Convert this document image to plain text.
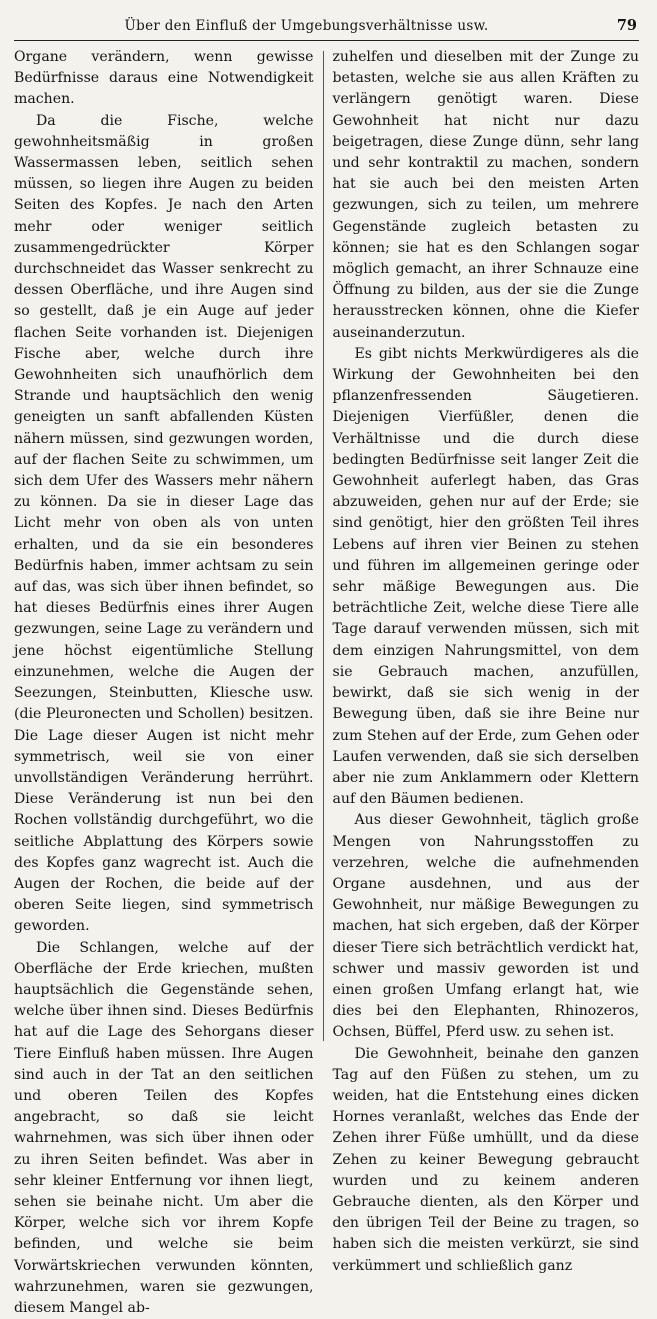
Über den Einfluß der Umgebungsverhältnisse usw.	79

Organe verändern, wenn gewisse Bedürfnisse daraus eine Notwendigkeit machen.

Da die Fische, welche gewohnheitsmäßig in großen Wassermassen leben, seitlich sehen müssen, so liegen ihre Augen zu beiden Seiten des Kopfes. Je nach den Arten mehr oder weniger seitlich zusammengedrückter Körper durchschneidet das Wasser senkrecht zu dessen Oberfläche, und ihre Augen sind so gestellt, daß je ein Auge auf jeder flachen Seite vorhanden ist. Diejenigen Fische aber, welche durch ihre Gewohnheiten sich unaufhörlich dem Strande und hauptsächlich den wenig geneigten un sanft abfallenden Küsten nähern müssen, sind gezwungen worden, auf der flachen Seite zu schwimmen, um sich dem Ufer des Wassers mehr nähern zu können. Da sie in dieser Lage das Licht mehr von oben als von unten erhalten, und da sie ein besonderes Bedürfnis haben, immer achtsam zu sein auf das, was sich über ihnen befindet, so hat dieses Bedürfnis eines ihrer Augen gezwungen, seine Lage zu verändern und jene höchst eigentümliche Stellung einzunehmen, welche die Augen der Seezungen, Steinbutten, Kliesche usw. (die Pleuronecten und Schollen) besitzen. Die Lage dieser Augen ist nicht mehr symmetrisch, weil sie von einer unvollständigen Veränderung herrührt. Diese Veränderung ist nun bei den Rochen vollständig durchgeführt, wo die seitliche Abplattung des Körpers sowie des Kopfes ganz wagrecht ist. Auch die Augen der Rochen, die beide auf der oberen Seite liegen, sind symmetrisch geworden.

Die Schlangen, welche auf der Oberfläche der Erde kriechen, mußten hauptsächlich die Gegenstände sehen, welche über ihnen sind. Dieses Bedürfnis hat auf die Lage des Sehorgans dieser Tiere Einfluß haben müssen. Ihre Augen sind auch in der Tat an den seitlichen und oberen Teilen des Kopfes angebracht, so daß sie leicht wahrnehmen, was sich über ihnen oder zu ihren Seiten befindet. Was aber in sehr kleiner Entfernung vor ihnen liegt, sehen sie beinahe nicht. Um aber die Körper, welche sich vor ihrem Kopfe befinden, und welche sie beim Vorwärtskriechen verwunden könnten, wahrzunehmen, waren sie gezwungen, diesem Mangel ab-

zuhelfen und dieselben mit der Zunge zu betasten, welche sie aus allen Kräften zu verlängern genötigt waren. Diese Gewohnheit hat nicht nur dazu beigetragen, diese Zunge dünn, sehr lang und sehr kontraktil zu machen, sondern hat sie auch bei den meisten Arten gezwungen, sich zu teilen, um mehrere Gegenstände zugleich betasten zu können; sie hat es den Schlangen sogar möglich gemacht, an ihrer Schnauze eine Öffnung zu bilden, aus der sie die Zunge herausstrecken können, ohne die Kiefer auseinanderzutun.

Es gibt nichts Merkwürdigeres als die Wirkung der Gewohnheiten bei den pflanzenfressenden Säugetieren. Diejenigen Vierfüßler, denen die Verhältnisse und die durch diese bedingten Bedürfnisse seit langer Zeit die Gewohnheit auferlegt haben, das Gras abzuweiden, gehen nur auf der Erde; sie sind genötigt, hier den größten Teil ihres Lebens auf ihren vier Beinen zu stehen und führen im allgemeinen geringe oder sehr mäßige Bewegungen aus. Die beträchtliche Zeit, welche diese Tiere alle Tage darauf verwenden müssen, sich mit dem einzigen Nahrungsmittel, von dem sie Gebrauch machen, anzufüllen, bewirkt, daß sie sich wenig in der Bewegung üben, daß sie ihre Beine nur zum Stehen auf der Erde, zum Gehen oder Laufen verwenden, daß sie sich derselben aber nie zum Anklammern oder Klettern auf den Bäumen bedienen.

Aus dieser Gewohnheit, täglich große Mengen von Nahrungsstoffen zu verzehren, welche die aufnehmenden Organe ausdehnen, und aus der Gewohnheit, nur mäßige Bewegungen zu machen, hat sich ergeben, daß der Körper dieser Tiere sich beträchtlich verdickt hat, schwer und massiv geworden ist und einen großen Umfang erlangt hat, wie dies bei den Elephanten, Rhinozeros, Ochsen, Büffel, Pferd usw. zu sehen ist.

Die Gewohnheit, beinahe den ganzen Tag auf den Füßen zu stehen, um zu weiden, hat die Entstehung eines dicken Hornes veranlaßt, welches das Ende der Zehen ihrer Füße umhüllt, und da diese Zehen zu keiner Bewegung gebraucht wurden und zu keinem anderen Gebrauche dienten, als den Körper und den übrigen Teil der Beine zu tragen, so haben sich die meisten verkürzt, sie sind verkümmert und schließlich ganz
